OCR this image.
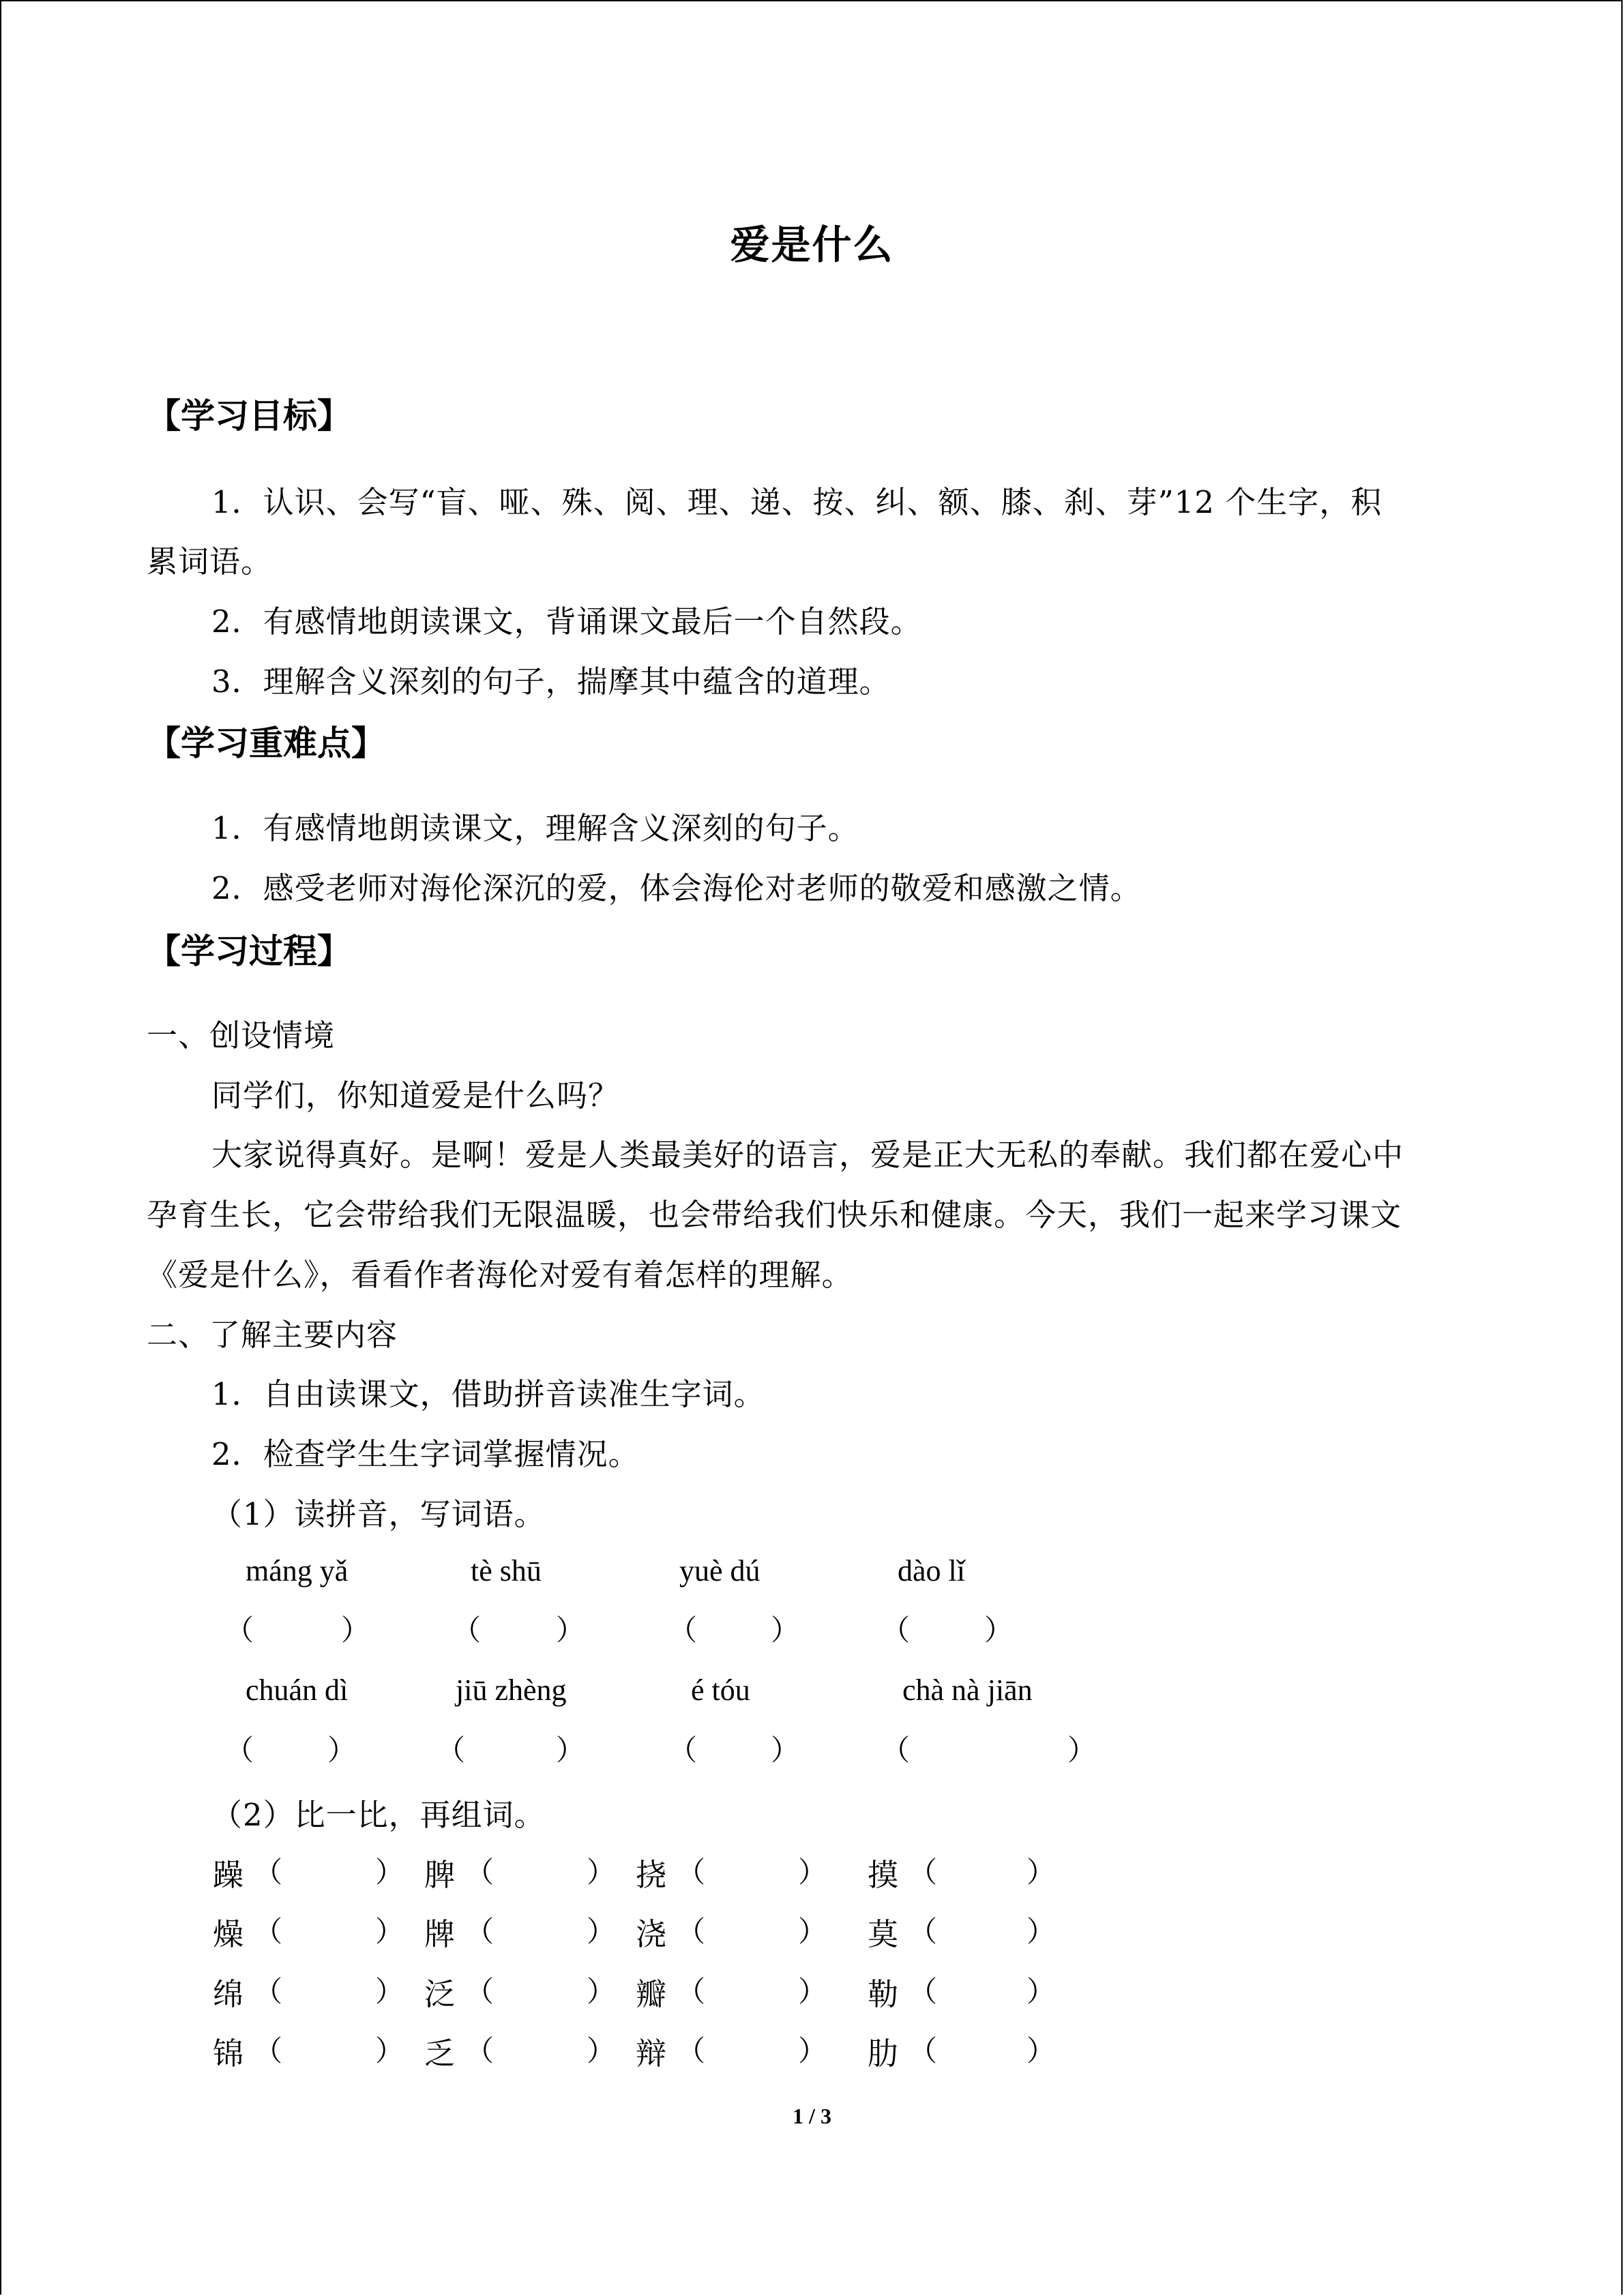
爱是什么
【学习目标】
1．认识、会写“盲、哑、殊、阅、理、递、按、纠、额、膝、刹、芽”12 个生字，积
累词语。
2．有感情地朗读课文，背诵课文最后一个自然段。
3．理解含义深刻的句子，揣摩其中蕴含的道理。
【学习重难点】
1．有感情地朗读课文，理解含义深刻的句子。
2．感受老师对海伦深沉的爱，体会海伦对老师的敬爱和感激之情。
【学习过程】
一、创设情境
同学们，你知道爱是什么吗？
大家说得真好。是啊！爱是人类最美好的语言，爱是正大无私的奉献。我们都在爱心中
孕育生长，它会带给我们无限温暖，也会带给我们快乐和健康。今天，我们一起来学习课文
《爱是什么》，看看作者海伦对爱有着怎样的理解。
二、了解主要内容
1．自由读课文，借助拼音读准生字词。
2．检查学生生字词掌握情况。
（1）读拼音，写词语。
máng yǎ	tè shū	yuè dú	dào lǐ
（	）	（	）	（	）	（	）
chuán dì	jiū zhèng	é tóu	chà nà jiān
（	）	（	）	（	）	（	）
（2）比一比，再组词。
躁 （	） 脾 （	） 挠 （	） 摸 （	）
燥 （	） 牌 （	） 浇 （	） 莫 （	）
绵 （	） 泛 （	） 瓣 （	） 勒 （	）
锦 （	） 乏 （	） 辩 （	） 肋 （	）
1 / 3
